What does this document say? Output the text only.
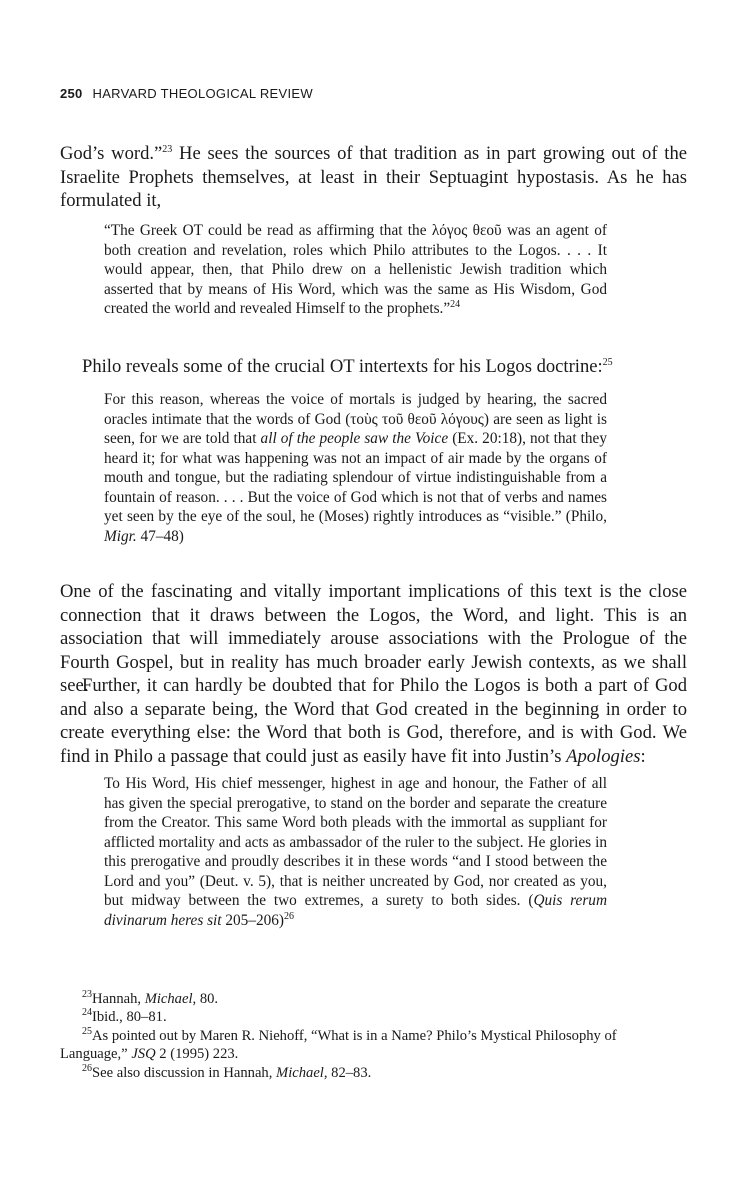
250 HARVARD THEOLOGICAL REVIEW

God’s word.”$^{23}$ He sees the sources of that tradition as in part growing out of the Israelite Prophets themselves, at least in their Septuagint hypostasis. As he has formulated it,

“The Greek OT could be read as affirming that the λόγος θεοῦ was an agent of both creation and revelation, roles which Philo attributes to the Logos. . . . It would appear, then, that Philo drew on a hellenistic Jewish tradition which asserted that by means of His Word, which was the same as His Wisdom, God created the world and revealed Himself to the prophets.”$^{24}$

Philo reveals some of the crucial OT intertexts for his Logos doctrine:$^{25}$

For this reason, whereas the voice of mortals is judged by hearing, the sacred oracles intimate that the words of God (τοὺς τοῦ θεοῦ λόγους) are seen as light is seen, for we are told that all of the people saw the Voice (Ex. 20:18), not that they heard it; for what was happening was not an impact of air made by the organs of mouth and tongue, but the radiating splendour of virtue indistinguishable from a fountain of reason. . . . But the voice of God which is not that of verbs and names yet seen by the eye of the soul, he (Moses) rightly introduces as “visible.” (Philo, Migr. 47–48)

One of the fascinating and vitally important implications of this text is the close connection that it draws between the Logos, the Word, and light. This is an association that will immediately arouse associations with the Prologue of the Fourth Gospel, but in reality has much broader early Jewish contexts, as we shall see.

Further, it can hardly be doubted that for Philo the Logos is both a part of God and also a separate being, the Word that God created in the beginning in order to create everything else: the Word that both is God, therefore, and is with God. We find in Philo a passage that could just as easily have fit into Justin’s Apologies:

To His Word, His chief messenger, highest in age and honour, the Father of all has given the special prerogative, to stand on the border and separate the creature from the Creator. This same Word both pleads with the immortal as suppliant for afflicted mortality and acts as ambassador of the ruler to the subject. He glories in this prerogative and proudly describes it in these words “and I stood between the Lord and you” (Deut. v. 5), that is neither uncreated by God, nor created as you, but midway between the two extremes, a surety to both sides. (Quis rerum divinarum heres sit 205–206)$^{26}$

$^{23}$Hannah, Michael, 80.

$^{24}$Ibid., 80–81.

$^{25}$As pointed out by Maren R. Niehoff, “What is in a Name? Philo’s Mystical Philosophy of Language,” JSQ 2 (1995) 223.

$^{26}$See also discussion in Hannah, Michael, 82–83.
